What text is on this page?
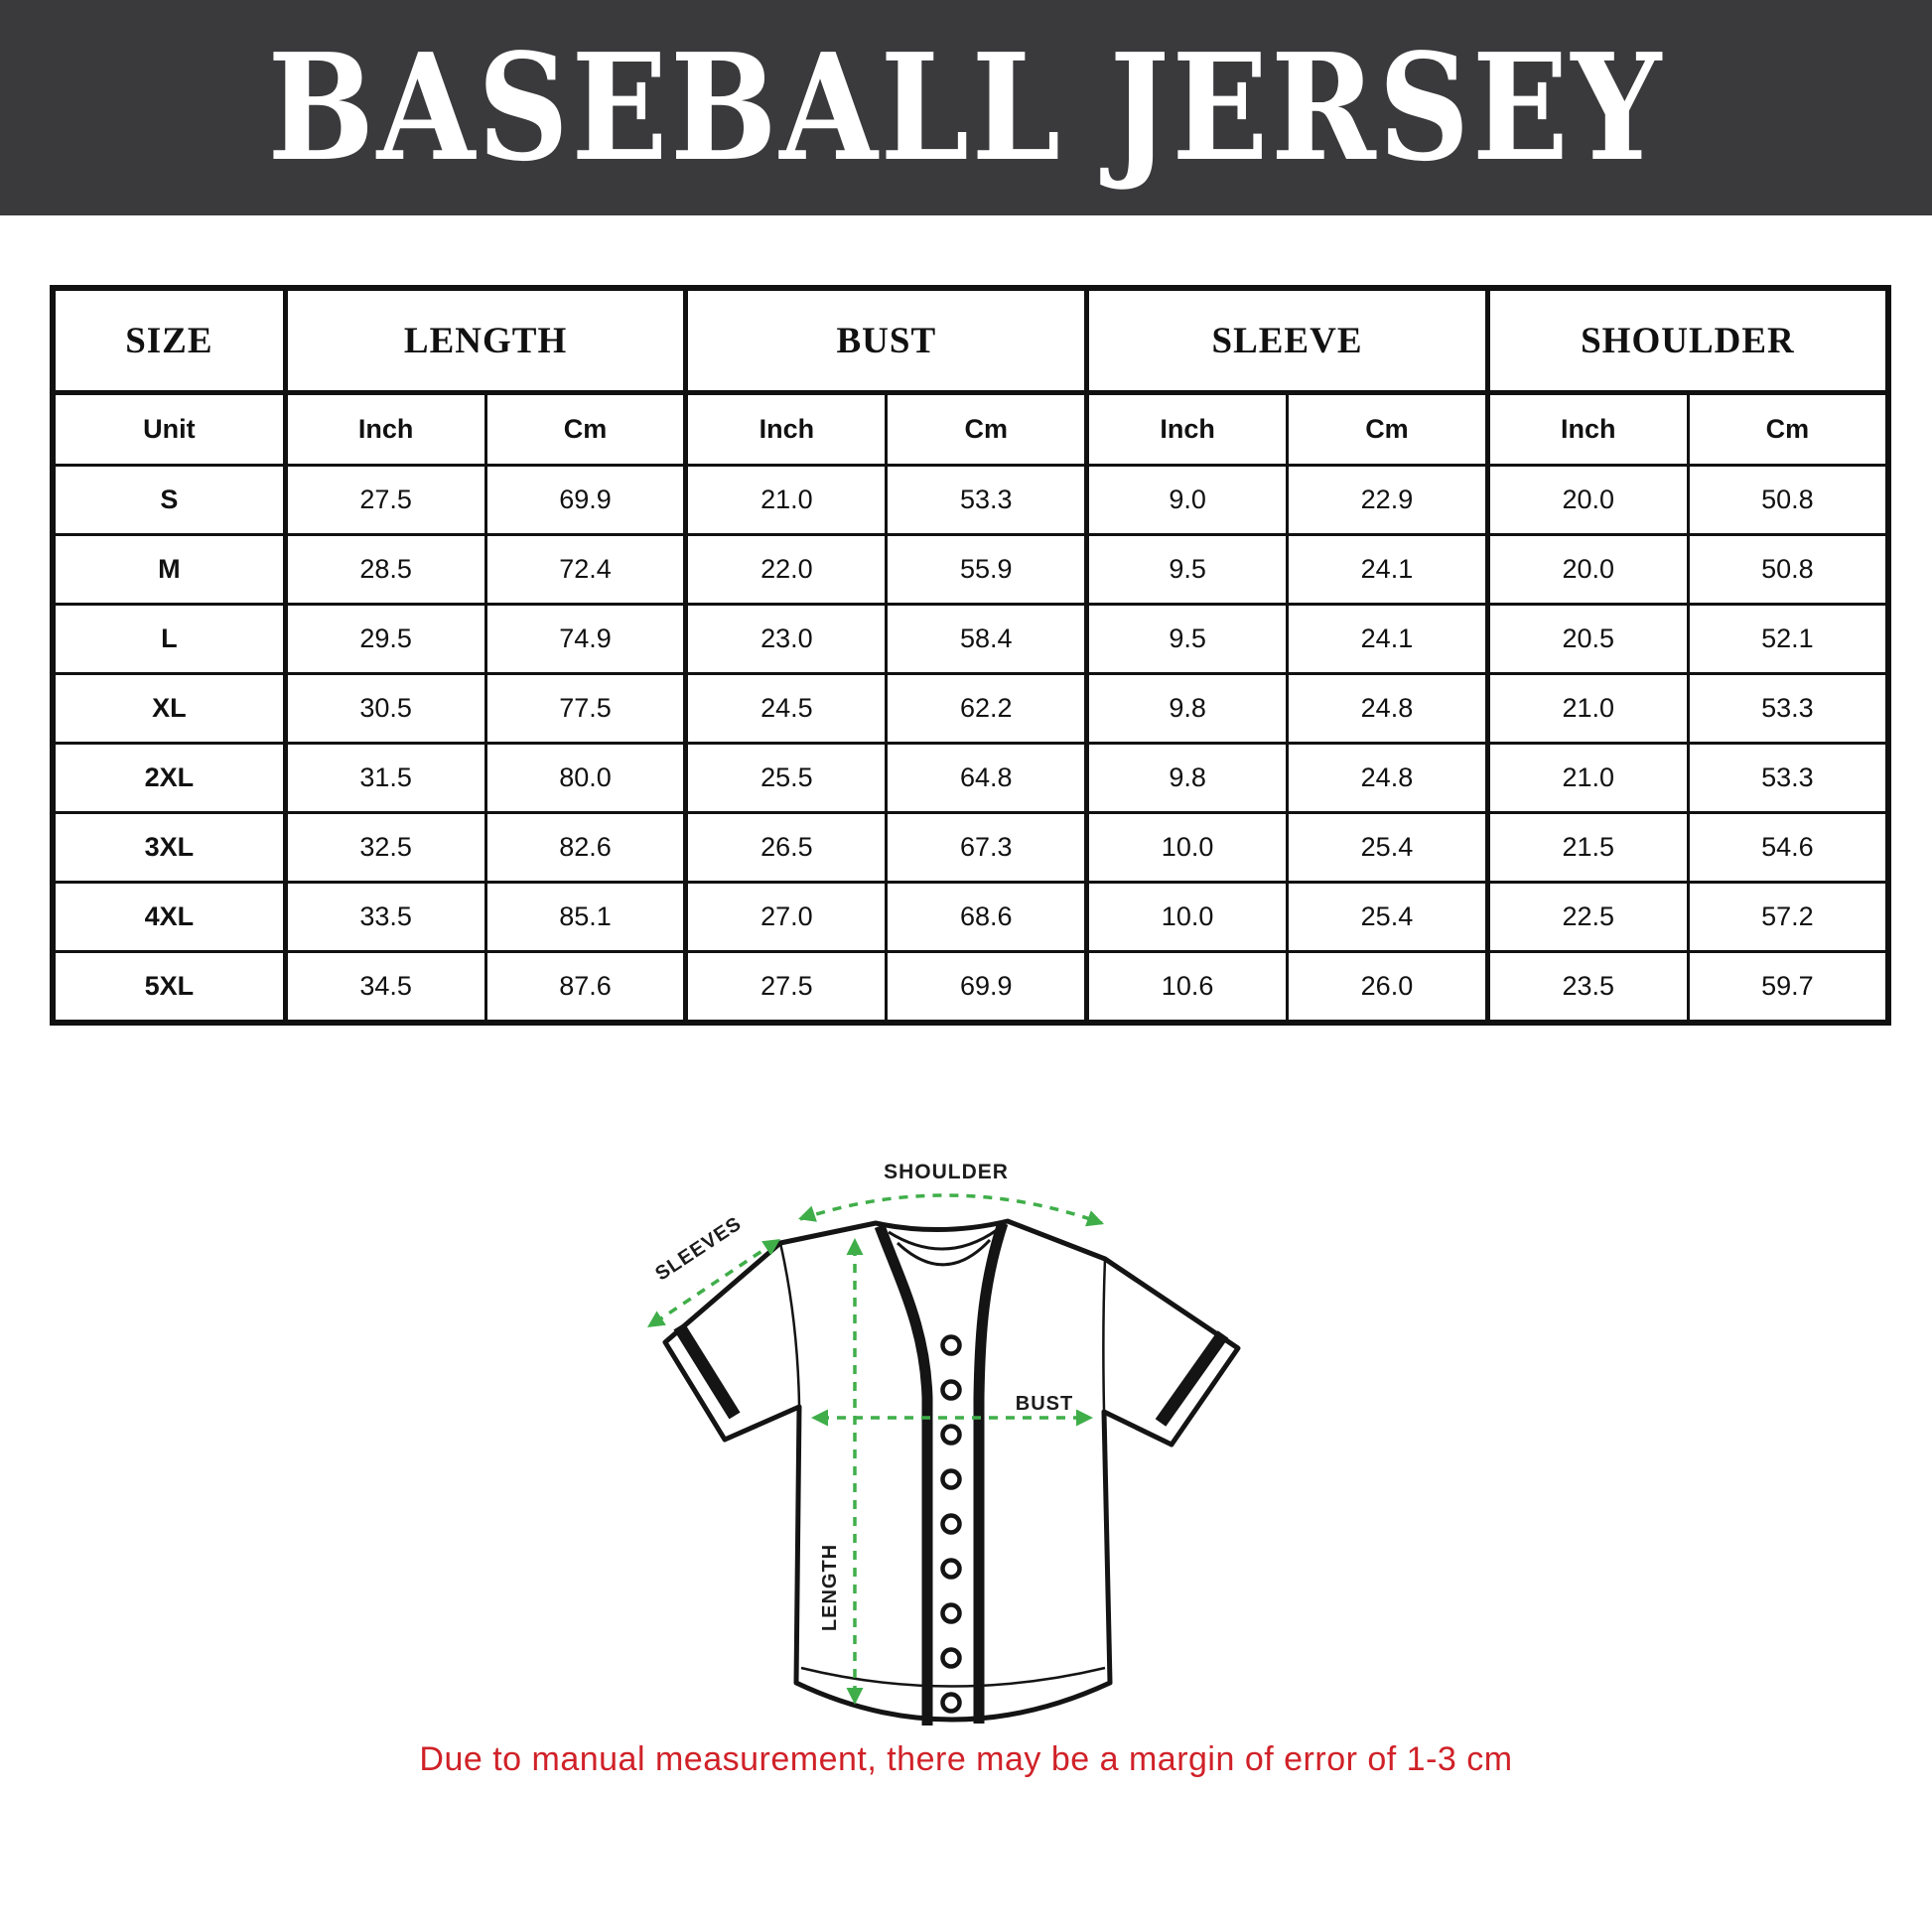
BASEBALL JERSEY
SIZE	LENGTH		BUST		SLEEVE		SHOULDER	
Unit	Inch	Cm	Inch	Cm	Inch	Cm	Inch	Cm
S	27.5	69.9	21.0	53.3	9.0	22.9	20.0	50.8
M	28.5	72.4	22.0	55.9	9.5	24.1	20.0	50.8
L	29.5	74.9	23.0	58.4	9.5	24.1	20.5	52.1
XL	30.5	77.5	24.5	62.2	9.8	24.8	21.0	53.3
2XL	31.5	80.0	25.5	64.8	9.8	24.8	21.0	53.3
3XL	32.5	82.6	26.5	67.3	10.0	25.4	21.5	54.6
4XL	33.5	85.1	27.0	68.6	10.0	25.4	22.5	57.2
5XL	34.5	87.6	27.5	69.9	10.6	26.0	23.5	59.7
SHOULDER
SLEEVES
BUST
LENGTH
Due to manual measurement, there may be a margin of error of 1-3 cm
